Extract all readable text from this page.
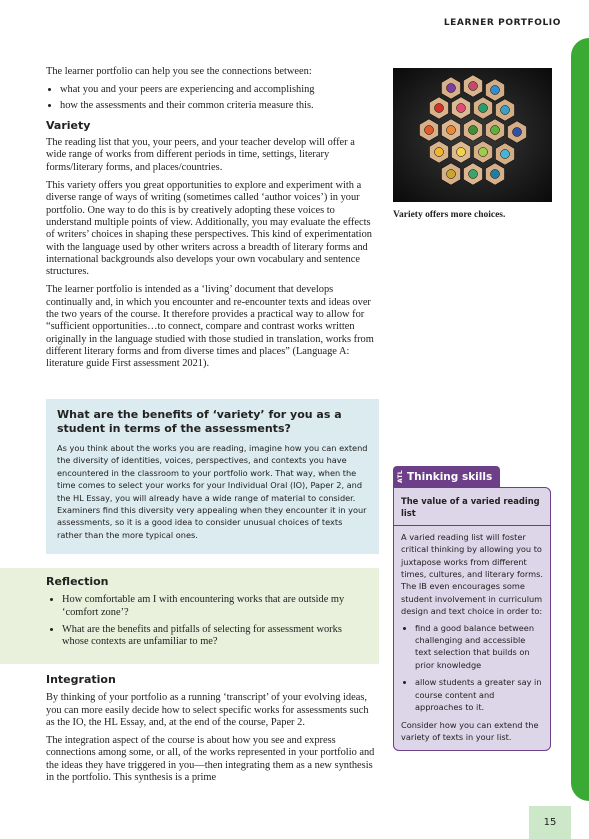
LEARNER PORTFOLIO
15

The learner portfolio can help you see the connections between:

• what you and your peers are experiencing and accomplishing
• how the assessments and their common criteria measure this.
Variety

The reading list that you, your peers, and your teacher develop will offer a wide range of works from different periods in time, settings, literary forms/literary forms, and places/countries.

This variety offers you great opportunities to explore and experiment with a diverse range of ways of writing (sometimes called ‘author voices’) in your portfolio. One way to do this is by creatively adopting these voices to understand multiple points of view. Additionally, you may evaluate the effects of writers’ choices in shaping these perspectives. This kind of experimentation with the language used by other writers across a breadth of literary forms and international backgrounds also develops your own vocabulary and sentence structures.

The learner portfolio is intended as a ‘living’ document that develops continually and, in which you encounter and re-encounter texts and ideas over the two years of the course. It therefore provides a practical way to allow for “sufficient opportunities…to connect, compare and contrast works written originally in the language studied with those studied in translation, works from different literary forms and from diverse times and places” (Language A: literature guide First assessment 2021).

What are the benefits of ‘variety’ for you as a student in terms of the assessments?

As you think about the works you are reading, imagine how you can extend the diversity of identities, voices, perspectives, and contexts you have encountered in the classroom to your portfolio work. That way, when the time comes to select your works for your Individual Oral (IO), Paper 2, and the HL Essay, you will already have a wide range of material to consider. Examiners find this diversity very appealing when they encounter it in your assessments, so it is a good idea to consider unusual choices of texts rather than the more typical ones.

Reflection
• How comfortable am I with encountering works that are outside my ‘comfort zone’?
• What are the benefits and pitfalls of selecting for assessment works whose contexts are unfamiliar to me?
Integration

By thinking of your portfolio as a running ‘transcript’ of your evolving ideas, you can more easily decide how to select specific works for assessments such as the IO, the HL Essay, and, at the end of the course, Paper 2.

The integration aspect of the course is about how you see and express connections among some, or all, of the works represented in your portfolio and the ideas they have triggered in you—then integrating them as a new synthesis in the portfolio. This synthesis is a prime

Variety offers more choices.
ATL Thinking skills

The value of a varied reading list

A varied reading list will foster critical thinking by allowing you to juxtapose works from different times, cultures, and literary forms. The IB even encourages some student involvement in curriculum design and text choice in order to:

• find a good balance between challenging and accessible text selection that builds on prior knowledge
• allow students a greater say in course content and approaches to it.

Consider how you can extend the variety of texts in your list.
